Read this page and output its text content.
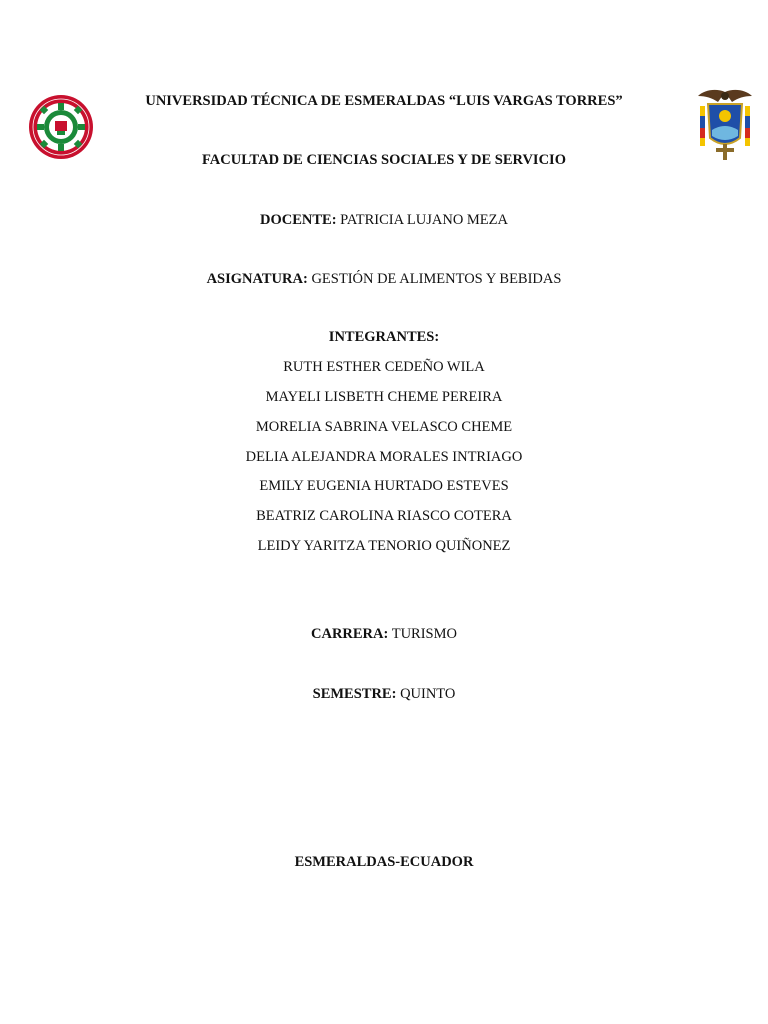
UNIVERSIDAD TÉCNICA DE ESMERALDAS “LUIS VARGAS TORRES”
FACULTAD DE CIENCIAS SOCIALES Y DE SERVICIO
DOCENTE: PATRICIA LUJANO MEZA
ASIGNATURA: GESTIÓN DE ALIMENTOS Y BEBIDAS
INTEGRANTES:
RUTH ESTHER CEDEÑO WILA
MAYELI LISBETH CHEME PEREIRA
MORELIA SABRINA VELASCO CHEME
DELIA ALEJANDRA MORALES INTRIAGO
EMILY EUGENIA HURTADO ESTEVES
BEATRIZ CAROLINA RIASCO COTERA
LEIDY YARITZA TENORIO QUIÑONEZ
CARRERA: TURISMO
SEMESTRE: QUINTO
ESMERALDAS-ECUADOR
